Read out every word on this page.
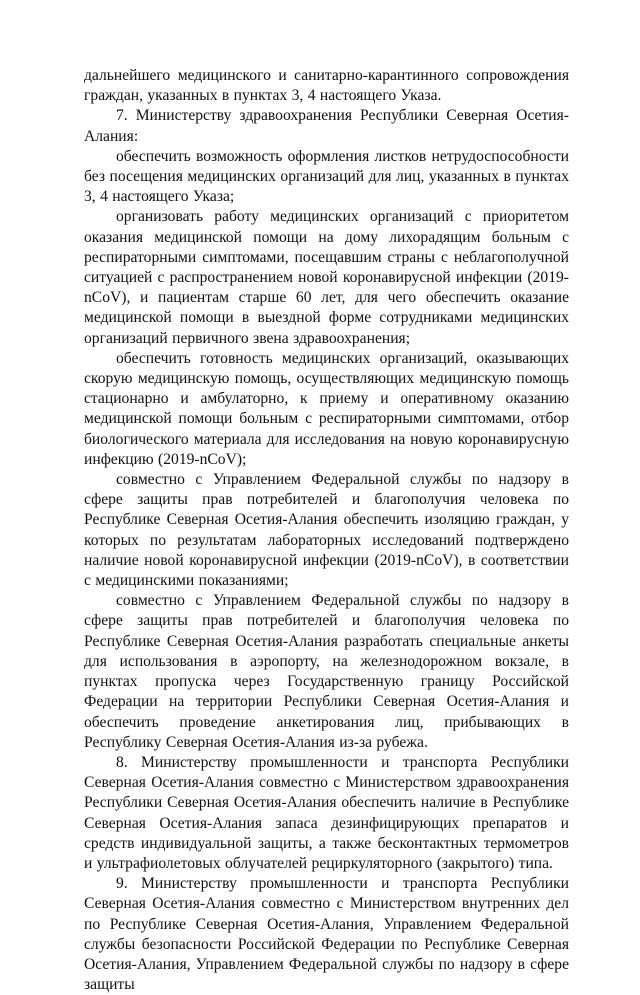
дальнейшего медицинского и санитарно-карантинного сопровождения граждан, указанных в пунктах 3, 4 настоящего Указа.

7. Министерству здравоохранения Республики Северная Осетия-Алания:

обеспечить возможность оформления листков нетрудоспособности без посещения медицинских организаций для лиц, указанных в пунктах 3, 4 настоящего Указа;

организовать работу медицинских организаций с приоритетом оказания медицинской помощи на дому лихорадящим больным с респираторными симптомами, посещавшим страны с неблагополучной ситуацией с распространением новой коронавирусной инфекции (2019-nCoV), и пациентам старше 60 лет, для чего обеспечить оказание медицинской помощи в выездной форме сотрудниками медицинских организаций первичного звена здравоохранения;

обеспечить готовность медицинских организаций, оказывающих скорую медицинскую помощь, осуществляющих медицинскую помощь стационарно и амбулаторно, к приему и оперативному оказанию медицинской помощи больным с респираторными симптомами, отбор биологического материала для исследования на новую коронавирусную инфекцию (2019-nCoV);

совместно с Управлением Федеральной службы по надзору в сфере защиты прав потребителей и благополучия человека по Республике Северная Осетия-Алания обеспечить изоляцию граждан, у которых по результатам лабораторных исследований подтверждено наличие новой коронавирусной инфекции (2019-nCoV), в соответствии с медицинскими показаниями;

совместно с Управлением Федеральной службы по надзору в сфере защиты прав потребителей и благополучия человека по Республике Северная Осетия-Алания разработать специальные анкеты для использования в аэропорту, на железнодорожном вокзале, в пунктах пропуска через Государственную границу Российской Федерации на территории Республики Северная Осетия-Алания и обеспечить проведение анкетирования лиц, прибывающих в Республику Северная Осетия-Алания из-за рубежа.

8. Министерству промышленности и транспорта Республики Северная Осетия-Алания совместно с Министерством здравоохранения Республики Северная Осетия-Алания обеспечить наличие в Республике Северная Осетия-Алания запаса дезинфицирующих препаратов и средств индивидуальной защиты, а также бесконтактных термометров и ультрафиолетовых облучателей рециркуляторного (закрытого) типа.

9. Министерству промышленности и транспорта Республики Северная Осетия-Алания совместно с Министерством внутренних дел по Республике Северная Осетия-Алания, Управлением Федеральной службы безопасности Российской Федерации по Республике Северная Осетия-Алания, Управлением Федеральной службы по надзору в сфере защиты
